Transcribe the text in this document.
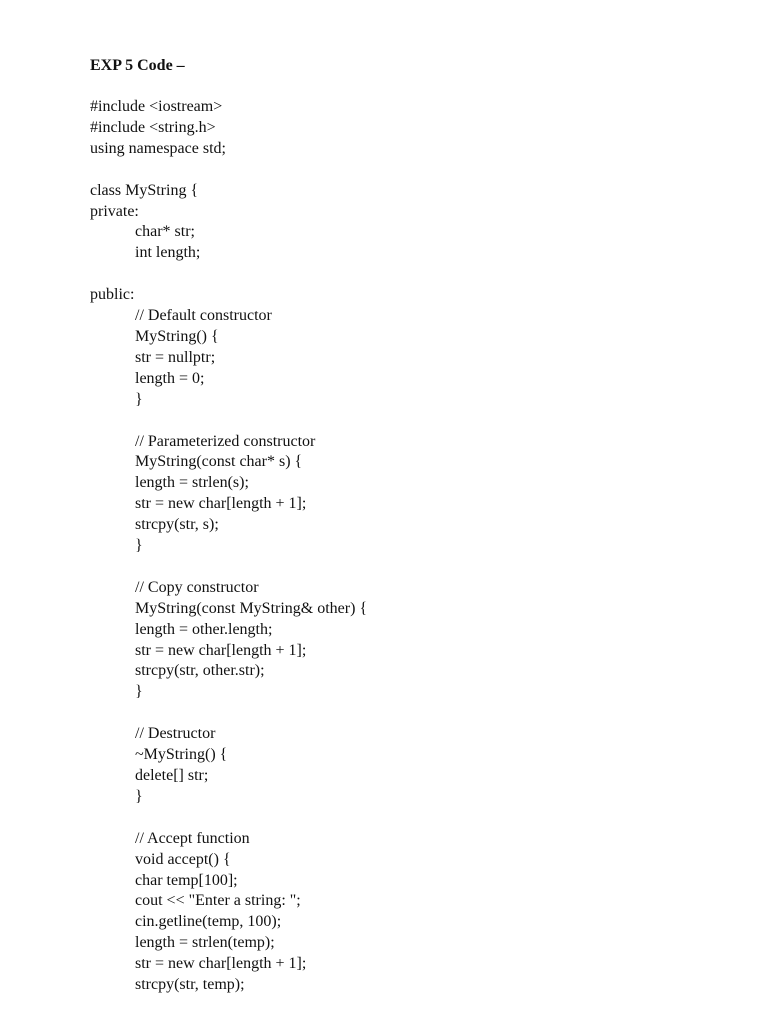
EXP 5 Code –
#include <iostream>
#include <string.h>
using namespace std;
class MyString {
private:
char* str;
int length;
public:
// Default constructor
MyString() {
str = nullptr;
length = 0;
}
// Parameterized constructor
MyString(const char* s) {
length = strlen(s);
str = new char[length + 1];
strcpy(str, s);
}
// Copy constructor
MyString(const MyString& other) {
length = other.length;
str = new char[length + 1];
strcpy(str, other.str);
}
// Destructor
~MyString() {
delete[] str;
}
// Accept function
void accept() {
char temp[100];
cout << "Enter a string: ";
cin.getline(temp, 100);
length = strlen(temp);
str = new char[length + 1];
strcpy(str, temp);
